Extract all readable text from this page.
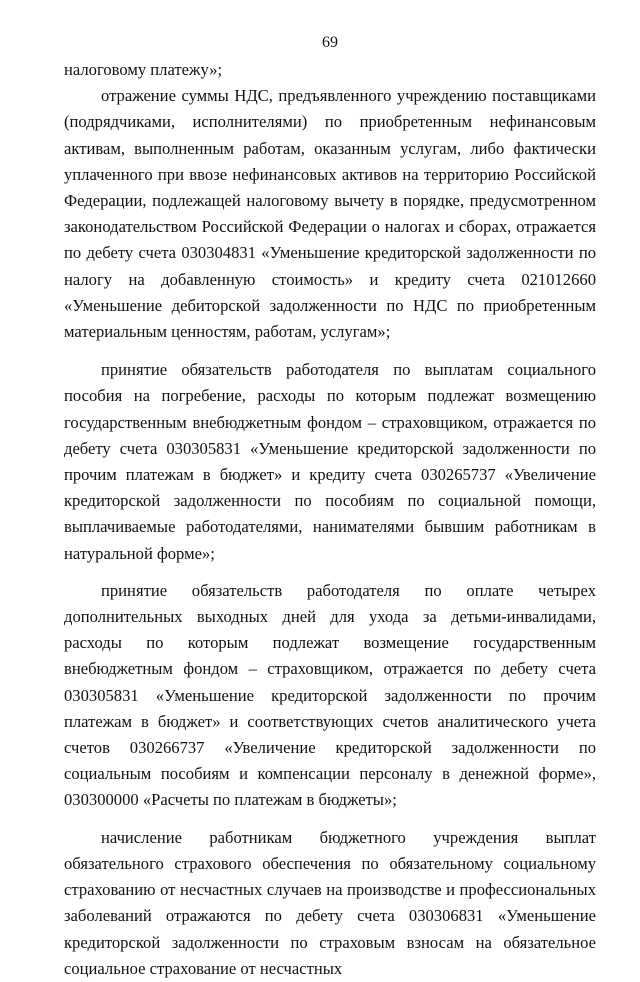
69

налоговому платежу»;

отражение суммы НДС, предъявленного учреждению поставщиками (подрядчиками, исполнителями) по приобретенным нефинансовым активам, выполненным работам, оказанным услугам, либо фактически уплаченного при ввозе нефинансовых активов на территорию Российской Федерации, подлежащей налоговому вычету в порядке, предусмотренном законодательством Российской Федерации о налогах и сборах, отражается по дебету счета 030304831 «Уменьшение кредиторской задолженности по налогу на добавленную стоимость» и кредиту счета 021012660 «Уменьшение дебиторской задолженности по НДС по приобретенным материальным ценностям, работам, услугам»;

принятие обязательств работодателя по выплатам социального пособия на погребение, расходы по которым подлежат возмещению государственным внебюджетным фондом – страховщиком, отражается по дебету счета 030305831 «Уменьшение кредиторской задолженности по прочим платежам в бюджет» и кредиту счета 030265737 «Увеличение кредиторской задолженности по пособиям по социальной помощи, выплачиваемые работодателями, нанимателями бывшим работникам в натуральной форме»;

принятие обязательств работодателя по оплате четырех дополнительных выходных дней для ухода за детьми-инвалидами, расходы по которым подлежат возмещение государственным внебюджетным фондом – страховщиком, отражается по дебету счета 030305831 «Уменьшение кредиторской задолженности по прочим платежам в бюджет» и соответствующих счетов аналитического учета счетов 030266737 «Увеличение кредиторской задолженности по социальным пособиям и компенсации персоналу в денежной форме», 030300000 «Расчеты по платежам в бюджеты»;

начисление работникам бюджетного учреждения выплат обязательного страхового обеспечения по обязательному социальному страхованию от несчастных случаев на производстве и профессиональных заболеваний отражаются по дебету счета 030306831 «Уменьшение кредиторской задолженности по страховым взносам на обязательное социальное страхование от несчастных
